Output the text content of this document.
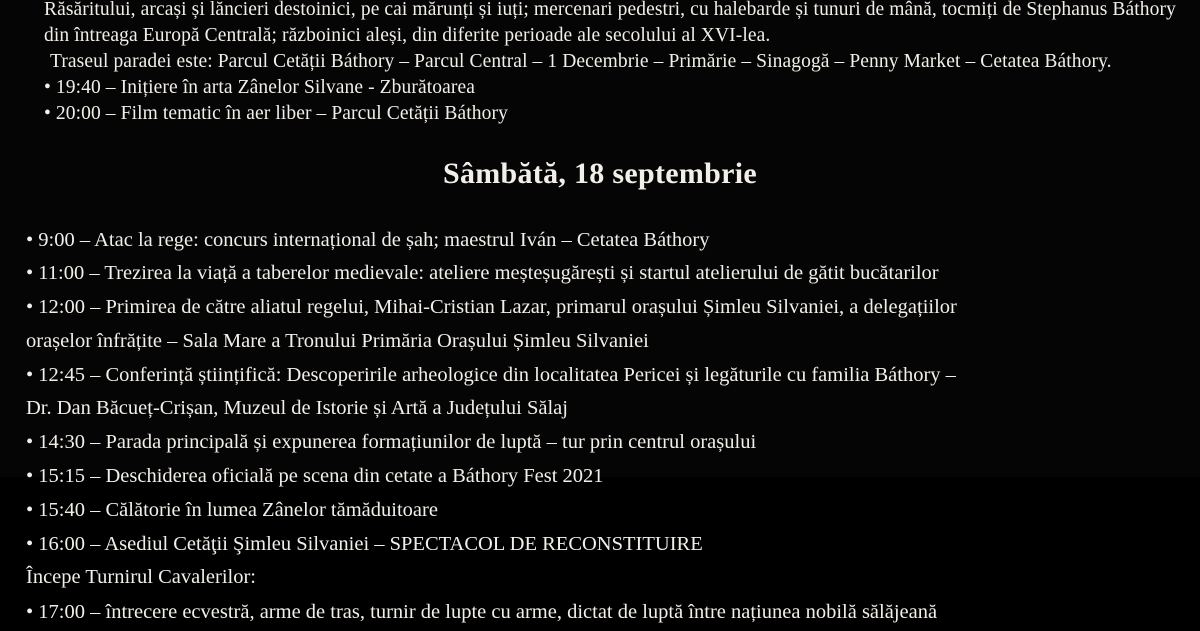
Răsăritului, arcași și lăncieri destoinici, pe cai mărunți și iuți; mercenari pedestri, cu halebarde și tunuri de mână, tocmiți de Stephanus Báthory
din întreaga Europă Centrală; războinici aleși, din diferite perioade ale secolului al XVI-lea.
Traseul paradei este: Parcul Cetății Báthory – Parcul Central – 1 Decembrie – Primărie – Sinagogă – Penny Market – Cetatea Báthory.
• 19:40 – Inițiere în arta Zânelor Silvane - Zburătoarea
• 20:00 – Film tematic în aer liber – Parcul Cetății Báthory
Sâmbătă, 18 septembrie
• 9:00 – Atac la rege: concurs internațional de șah; maestrul Iván – Cetatea Báthory
• 11:00 – Trezirea la viață a taberelor medievale: ateliere meșteșugărești și startul atelierului de gătit bucătarilor
• 12:00 – Primirea de către aliatul regelui, Mihai-Cristian Lazar, primarul orașului Șimleu Silvaniei, a delegațiilor
orașelor înfrățite – Sala Mare a Tronului Primăria Orașului Șimleu Silvaniei
• 12:45 – Conferință științifică: Descoperirile arheologice din localitatea Pericei și legăturile cu familia Báthory –
Dr. Dan Băcueț-Crișan, Muzeul de Istorie și Artă a Județului Sălaj
• 14:30 – Parada principală și expunerea formațiunilor de luptă – tur prin centrul orașului
• 15:15 – Deschiderea oficială pe scena din cetate a Báthory Fest 2021
• 15:40 – Călătorie în lumea Zânelor tămăduitoare
• 16:00 – Asediul Cetăţii Şimleu Silvaniei – SPECTACOL DE RECONSTITUIRE
Începe Turnirul Cavalerilor:
• 17:00 – întrecere ecvestră, arme de tras, turnir de lupte cu arme, dictat de luptă între națiunea nobilă sălăjeană
